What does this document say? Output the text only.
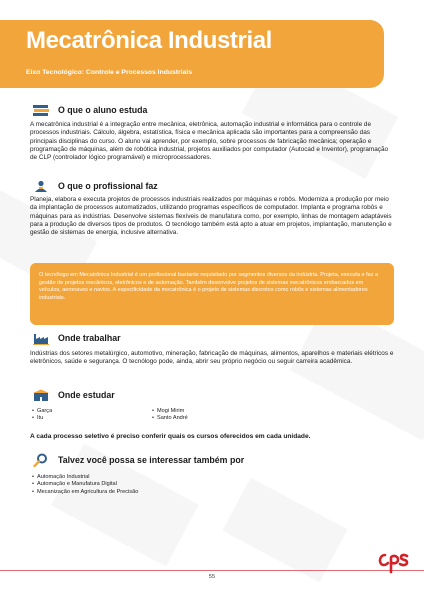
Mecatrônica Industrial
Eixo Tecnológico: Controle e Processos Industriais
O que o aluno estuda
A mecatrônica industrial é a integração entre mecânica, eletrônica, automação industrial e informática para o controle de processos industriais. Cálculo, álgebra, estatística, física e mecânica aplicada são importantes para a compreensão das principais disciplinas do curso. O aluno vai aprender, por exemplo, sobre processos de fabricação mecânica; operação e programação de máquinas, além de robótica industrial, projetos auxiliados por computador (Autocad e Inventor), programação de CLP (controlador lógico programável) e microprocessadores.
O que o profissional faz
Planeja, elabora e executa projetos de processos industriais realizados por máquinas e robôs. Moderniza a produção por meio da implantação de processos automatizados, utilizando programas específicos de computador. Implanta e programa robôs e máquinas para as indústrias. Desenvolve sistemas flexíveis de manufatura como, por exemplo, linhas de montagem adaptáveis para a produção de diversos tipos de produtos. O tecnólogo também está apto a atuar em projetos, implantação, manutenção e gestão de sistemas de energia, inclusive alternativa.
O tecnólogo em Mecatrônica Industrial é um profissional bastante requisitado por segmentos diversos da indústria. Projeta, executa e faz a gestão de projetos mecânicos, eletrônicos e de automação. Também desenvolve projetos de sistemas mecatrônicos embarcados em veículos, aeronaves e navios. A especificidade da mecatrônica é o projeto de sistemas discretos como robôs e sistemas alimentadores industriais.
Onde trabalhar
Indústrias dos setores metalúrgico, automotivo, mineração, fabricação de máquinas, alimentos, aparelhos e materiais elétricos e eletrônicos, saúde e segurança. O tecnólogo pode, ainda, abrir seu próprio negócio ou seguir carreira acadêmica.
Onde estudar
• Garça
• Itu
• Mogi Mirim
• Santo André
A cada processo seletivo é preciso conferir quais os cursos oferecidos em cada unidade.
Talvez você possa se interessar também por
• Automação Industrial
• Automação e Manufatura Digital
• Mecanização em Agricultura de Precisão
55
